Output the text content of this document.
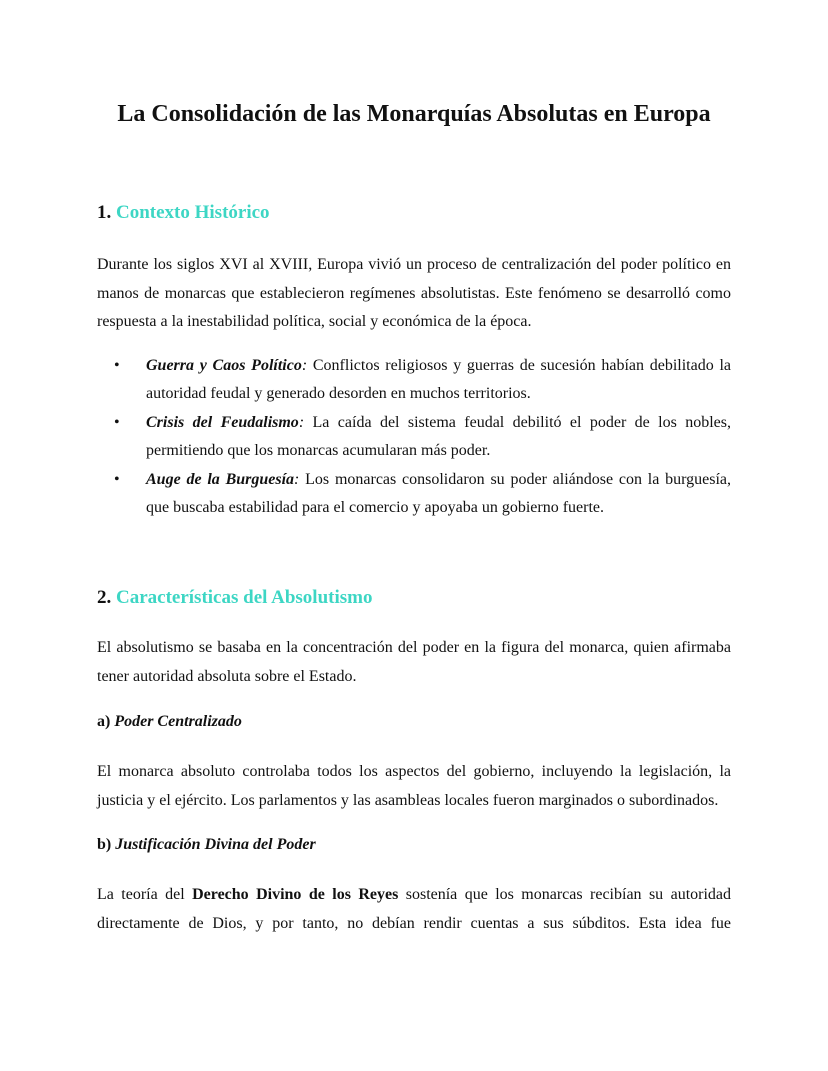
La Consolidación de las Monarquías Absolutas en Europa
1. Contexto Histórico

Durante los siglos XVI al XVIII, Europa vivió un proceso de centralización del poder político en manos de monarcas que establecieron regímenes absolutistas. Este fenómeno se desarrolló como respuesta a la inestabilidad política, social y económica de la época.

• Guerra y Caos Político: Conflictos religiosos y guerras de sucesión habían debilitado la autoridad feudal y generado desorden en muchos territorios.
• Crisis del Feudalismo: La caída del sistema feudal debilitó el poder de los nobles, permitiendo que los monarcas acumularan más poder.
• Auge de la Burguesía: Los monarcas consolidaron su poder aliándose con la burguesía, que buscaba estabilidad para el comercio y apoyaba un gobierno fuerte.
2. Características del Absolutismo

El absolutismo se basaba en la concentración del poder en la figura del monarca, quien afirmaba tener autoridad absoluta sobre el Estado.

a) Poder Centralizado

El monarca absoluto controlaba todos los aspectos del gobierno, incluyendo la legislación, la justicia y el ejército. Los parlamentos y las asambleas locales fueron marginados o subordinados.

b) Justificación Divina del Poder

La teoría del Derecho Divino de los Reyes sostenía que los monarcas recibían su autoridad directamente de Dios, y por tanto, no debían rendir cuentas a sus súbditos. Esta idea fue
